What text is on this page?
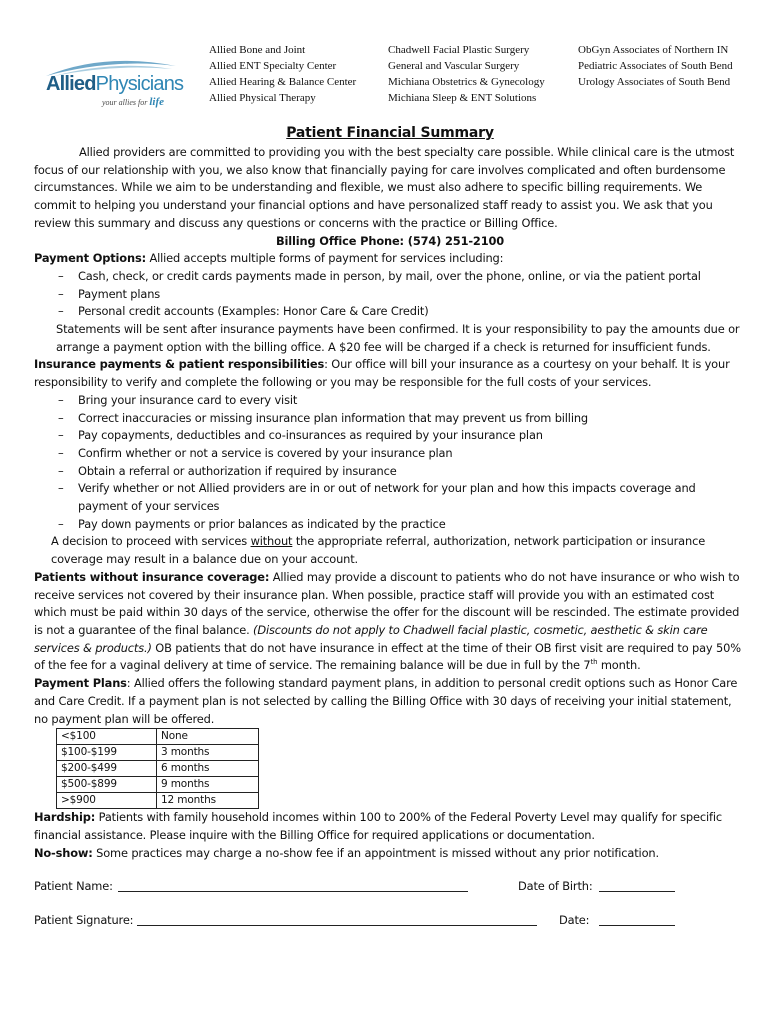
AlliedPhysicians
your allies for life
Allied Bone and Joint
Allied ENT Specialty Center
Allied Hearing & Balance Center
Allied Physical Therapy
Chadwell Facial Plastic Surgery
General and Vascular Surgery
Michiana Obstetrics & Gynecology
Michiana Sleep & ENT Solutions
ObGyn Associates of Northern IN
Pediatric Associates of South Bend
Urology Associates of South Bend
Patient Financial Summary

Allied providers are committed to providing you with the best specialty care possible. While clinical care is the utmost focus of our relationship with you, we also know that financially paying for care involves complicated and often burdensome circumstances. While we aim to be understanding and flexible, we must also adhere to specific billing requirements. We commit to helping you understand your financial options and have personalized staff ready to assist you. We ask that you review this summary and discuss any questions or concerns with the practice or Billing Office.

Billing Office Phone: (574) 251-2100

Payment Options: Allied accepts multiple forms of payment for services including:

– Cash, check, or credit cards payments made in person, by mail, over the phone, online, or via the patient portal
– Payment plans
– Personal credit accounts (Examples: Honor Care & Care Credit)

Statements will be sent after insurance payments have been confirmed. It is your responsibility to pay the amounts due or arrange a payment option with the billing office. A $20 fee will be charged if a check is returned for insufficient funds.

Insurance payments & patient responsibilities: Our office will bill your insurance as a courtesy on your behalf. It is your responsibility to verify and complete the following or you may be responsible for the full costs of your services.

– Bring your insurance card to every visit
– Correct inaccuracies or missing insurance plan information that may prevent us from billing
– Pay copayments, deductibles and co-insurances as required by your insurance plan
– Confirm whether or not a service is covered by your insurance plan
– Obtain a referral or authorization if required by insurance
– Verify whether or not Allied providers are in or out of network for your plan and how this impacts coverage and payment of your services
– Pay down payments or prior balances as indicated by the practice

A decision to proceed with services without the appropriate referral, authorization, network participation or insurance coverage may result in a balance due on your account.

Patients without insurance coverage: Allied may provide a discount to patients who do not have insurance or who wish to receive services not covered by their insurance plan. When possible, practice staff will provide you with an estimated cost which must be paid within 30 days of the service, otherwise the offer for the discount will be rescinded. The estimate provided is not a guarantee of the final balance. (Discounts do not apply to Chadwell facial plastic, cosmetic, aesthetic & skin care services & products.) OB patients that do not have insurance in effect at the time of their OB first visit are required to pay 50% of the fee for a vaginal delivery at time of service. The remaining balance will be due in full by the 7th month.

Payment Plans: Allied offers the following standard payment plans, in addition to personal credit options such as Honor Care and Care Credit. If a payment plan is not selected by calling the Billing Office with 30 days of receiving your initial statement, no payment plan will be offered.

<$100	None
$100-$199	3 months
$200-$499	6 months
$500-$899	9 months
>$900	12 months

Hardship: Patients with family household incomes within 100 to 200% of the Federal Poverty Level may qualify for specific financial assistance. Please inquire with the Billing Office for required applications or documentation.

No-show: Some practices may charge a no-show fee if an appointment is missed without any prior notification.

Patient Name:	Date of Birth:
Patient Signature:	Date:
